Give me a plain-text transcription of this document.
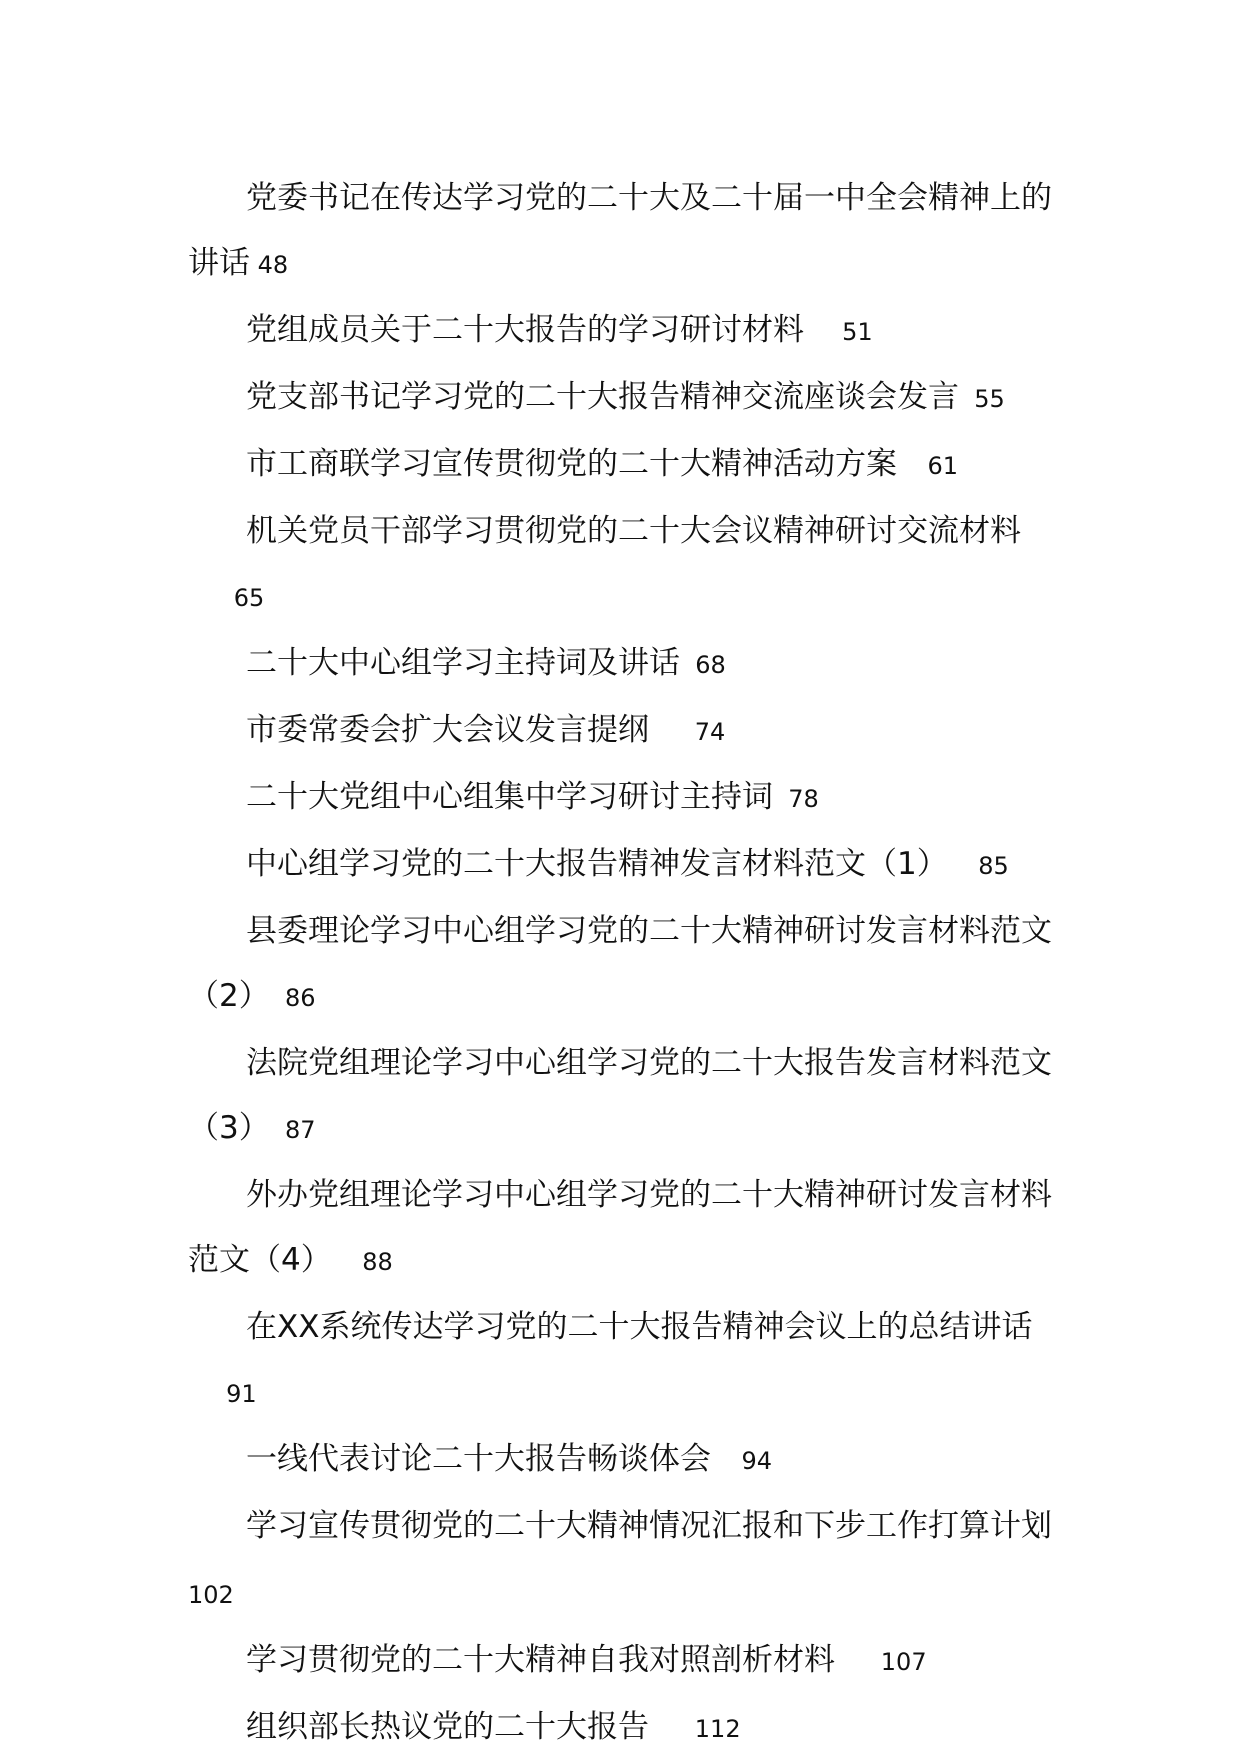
党委书记在传达学习党的二十大及二十届一中全会精神上的讲话 48
党组成员关于二十大报告的学习研讨材料 51
党支部书记学习党的二十大报告精神交流座谈会发言 55
市工商联学习宣传贯彻党的二十大精神活动方案 61
机关党员干部学习贯彻党的二十大会议精神研讨交流材料      65
二十大中心组学习主持词及讲话 68
市委常委会扩大会议发言提纲 74
二十大党组中心组集中学习研讨主持词 78
中心组学习党的二十大报告精神发言材料范文（1） 85
县委理论学习中心组学习党的二十大精神研讨发言材料范文（2） 86
法院党组理论学习中心组学习党的二十大报告发言材料范文（3） 87
外办党组理论学习中心组学习党的二十大精神研讨发言材料范文（4） 88
在XX系统传达学习党的二十大报告精神会议上的总结讲话     91
一线代表讨论二十大报告畅谈体会 94
学习宣传贯彻党的二十大精神情况汇报和下步工作打算计划102
学习贯彻党的二十大精神自我对照剖析材料 107
组织部长热议党的二十大报告 112
